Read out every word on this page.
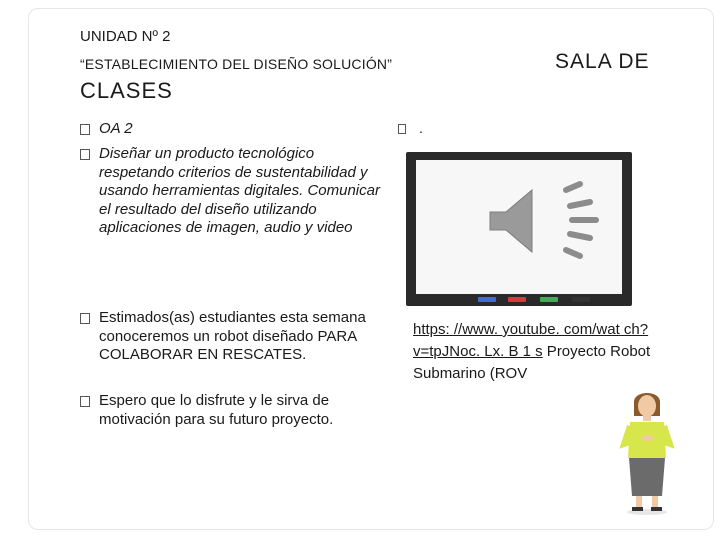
UNIDAD Nº 2
“ESTABLECIMIENTO DEL DISEÑO SOLUCIÓN”	SALA DE
CLASES
OA 2
Diseñar un producto tecnológico respetando criterios de sustentabilidad y usando herramientas digitales. Comunicar el resultado del diseño utilizando aplicaciones de imagen, audio y video
Estimados(as) estudiantes esta semana conoceremos un robot diseñado PARA COLABORAR EN RESCATES.
Espero que lo disfrute y le sirva de motivación para su futuro proyecto.
.
https: //www. youtube. com/wat ch? v=tpJNoc. Lx. B 1 s Proyecto Robot Submarino (ROV
